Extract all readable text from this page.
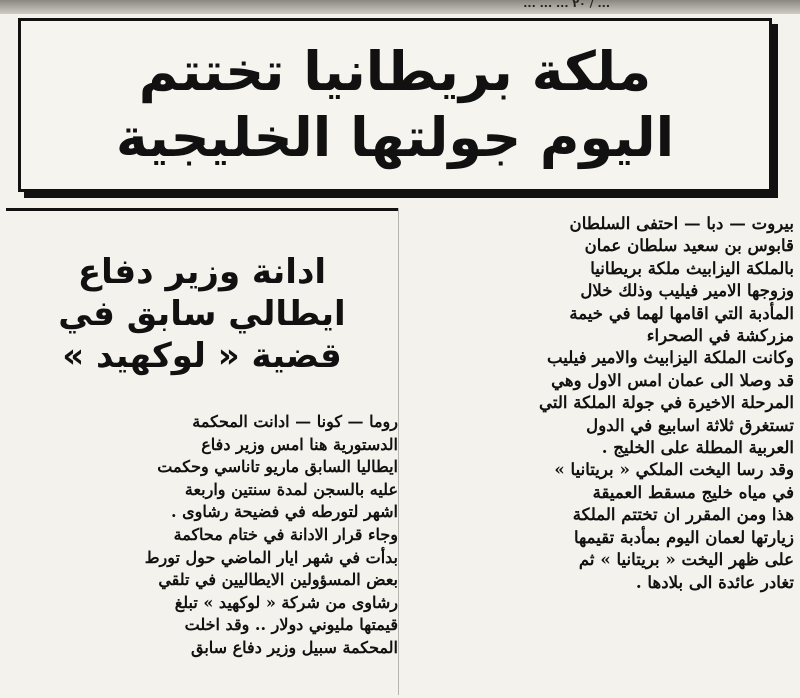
... / ٢٠ ... ... ...
ملكة بريطانيا تختتم
اليوم جولتها الخليجية

بيروت — دبا — احتفى السلطان

قابوس بن سعيد سلطان عمان

بالملكة اليزابيث ملكة بريطانيا

وزوجها الامير فيليب وذلك خلال

المأدبة التي اقامها لهما في خيمة

مزركشة في الصحراء

وكانت الملكة اليزابيث والامير فيليب

قد وصلا الى عمان امس الاول وهي

المرحلة الاخيرة في جولة الملكة التي

تستغرق ثلاثة اسابيع في الدول

العربية المطلة على الخليج .

وقد رسا اليخت الملكي « بريتانيا »

في مياه خليج مسقط العميقة

هذا ومن المقرر ان تختتم الملكة

زيارتها لعمان اليوم بمأدبة تقيمها

على ظهر اليخت « بريتانيا » ثم

تغادر عائدة الى بلادها .

ادانة وزير دفاع
ايطالي سابق في
قضية « لوكهيد »

روما — كونا — ادانت المحكمة

الدستورية هنا امس وزير دفاع

ايطاليا السابق ماريو تاناسي وحكمت

عليه بالسجن لمدة سنتين واربعة

اشهر لتورطه في فضيحة رشاوى .

وجاء قرار الادانة في ختام محاكمة

بدأت في شهر ايار الماضي حول تورط

بعض المسؤولين الايطاليين في تلقي

رشاوى من شركة « لوكهيد » تبلغ

قيمتها مليوني دولار .. وقد اخلت

المحكمة سبيل وزير دفاع سابق
